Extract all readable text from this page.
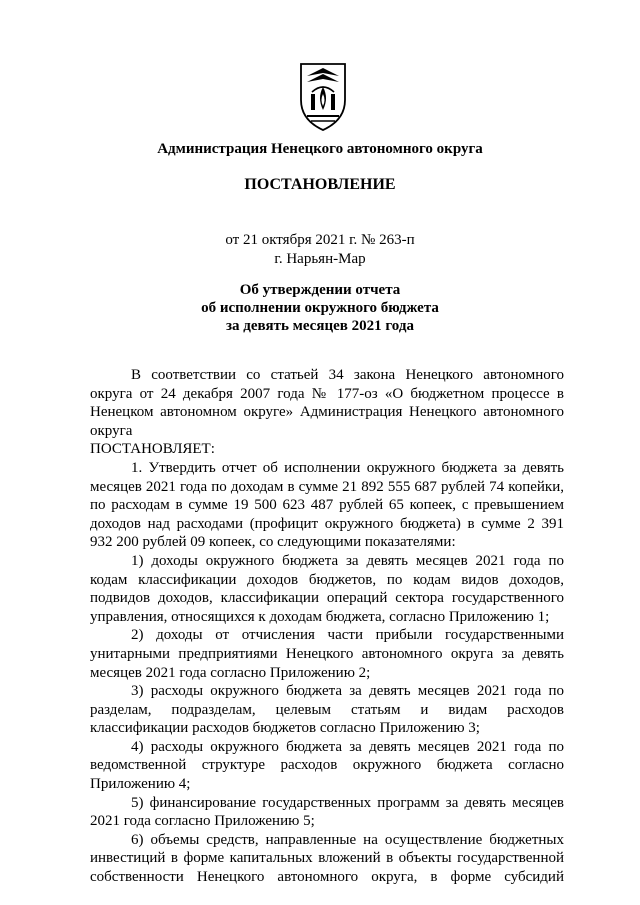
Администрация Ненецкого автономного округа
ПОСТАНОВЛЕНИЕ
от 21 октября 2021 г. № 263-п
г. Нарьян-Мар
Об утверждении отчета
об исполнении окружного бюджета
за девять месяцев 2021 года

В соответствии со статьей 34 закона Ненецкого автономного округа от 24 декабря 2007 года № 177-оз «О бюджетном процессе в Ненецком автономном округе» Администрация Ненецкого автономного округа

ПОСТАНОВЛЯЕТ:

1. Утвердить отчет об исполнении окружного бюджета за девять месяцев 2021 года по доходам в сумме 21 892 555 687 рублей 74 копейки, по расходам в сумме 19 500 623 487 рублей 65 копеек, с превышением доходов над расходами (профицит окружного бюджета) в сумме 2 391 932 200 рублей 09 копеек, со следующими показателями:

1) доходы окружного бюджета за девять месяцев 2021 года по кодам классификации доходов бюджетов, по кодам видов доходов, подвидов доходов, классификации операций сектора государственного управления, относящихся к доходам бюджета, согласно Приложению 1;

2) доходы от отчисления части прибыли государственными унитарными предприятиями Ненецкого автономного округа за девять месяцев 2021 года согласно Приложению 2;

3) расходы окружного бюджета за девять месяцев 2021 года по разделам, подразделам, целевым статьям и видам расходов классификации расходов бюджетов согласно Приложению 3;

4) расходы окружного бюджета за девять месяцев 2021 года по ведомственной структуре расходов окружного бюджета согласно Приложению 4;

5) финансирование государственных программ за девять месяцев 2021 года согласно Приложению 5;

6) объемы средств, направленные на осуществление бюджетных инвестиций в форме капитальных вложений в объекты государственной собственности Ненецкого автономного округа, в форме субсидий
